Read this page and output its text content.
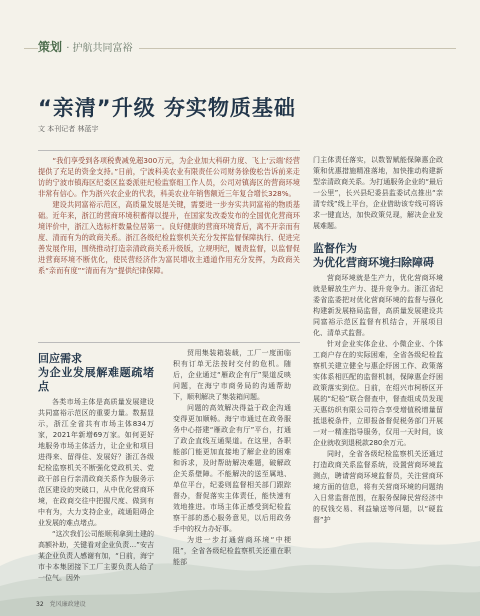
策划 · 护航共同富裕
“亲清”升级 夯实物质基础
文 本刊记者 林蓝宇

“我们享受到各项税费减免超300万元，为企业加大科研力度、飞上‘云端’经营提供了充足的资金支持。”日前，宁波科美农业有限责任公司财务徐俊松告诉前来走访的宁波市镇海区纪委区监委派驻纪检监察组工作人员，公司对镇海区的营商环境非常有信心。作为浙兴农企业的代表，科美农业年销售额近三年复合增长328%。

建设共同富裕示范区，高质量发展是关键，需要进一步夯实共同富裕的物质基础。近年来，浙江的营商环境积蓄得以提升，在国家发改委发布的全国优化营商环境评价中，浙江入选标杆数量位居第一。良好健康的营商环境背后，离不开亲而有度、清而有为的政商关系。浙江各级纪检监察机关充分发挥监督保障执行、促进完善发展作用，围绕推动打造亲清政商关系升级版，立规明纪，履责监督，以监督促进营商环境不断优化，使民营经济作为富民增收主通道作用充分发挥，为政商关系“亲而有度”“清而有为”提供纪律保障。

回应需求
为企业发展解难题疏堵点

各类市场主体是高质量发展建设共同富裕示范区的重要力量。数据显示，浙江全省共有市场主体834万家，2021年新增69万家。如何更好地服务市场主体活力，让企业和项目进得来、留得住、发展好？浙江各级纪检监察机关不断强化党政机关、党政干部自行亲清政商关系作为服务示范区建设的突破口，从中优化营商环境，在政商交往中把握尺度、做到有中有为，大力支持企业，疏通阻碍企业发展的难点堵点。

“这次我们公司能顺利拿到土建的高额补助，关键看对企业负责…”安吉某企业负责人感谢有加，“日前，海宁市卡本集团接下工厂主要负责人给了一位气。因外

贸用集装箱装载，工厂一度面临积有订单无法按时交付的危机。随后，企业通过“雁政企有厅”渠道反映问题，在海宁市商务局的沟通帮助下，顺利解决了集装箱问题。

问题的高效解决得益于政企沟通变得更加顺畅。海宁市通过在政务服务中心搭建“雁政企有厅”平台，打通了政企直线互通渠道。在这里，各职能部门能更加直接地了解企业的困难和诉求，及时帮助解决难题，破解政企关系壁障。不能解决的送至属地、单位平台，纪委则监督相关部门跟踪督办，督促落实主体责任，能快速有效地推进。市场主体正感受到纪检监察干部的悉心服务意见，以后用政务手中的权力办好事。

为进一步打通营商环境“中梗阻”，全省各级纪检监察机关还重在职能部

门主体责任落实，以数智赋能保障惠企政策和优惠措施精准落地，加快推动构建新型亲清政商关系。为打通服务企业的“最后一公里”，长兴县纪委县监委试点推出“亲清专线”线上平台，企业借助该专线可将诉求一键直达，加快政策兑现，解决企业发展难题。

监督作为
为优化营商环境扫除障碍

营商环境就是生产力，优化营商环境就是解放生产力、提升竞争力。浙江省纪委省监委把对优化营商环境的监督与强化构建新发展格局监督，高质量发展建设共同富裕示范区监督有机结合，开展项目化、清单式监督。

针对企业实体企业、小微企业、个体工商户存在的实际困难，全省各级纪检监察机关建立健全与惠企纾困工作、政策落实体系相匹配的监督机制，保障惠企纾困政策落实到位。日前，在绍兴市柯桥区开展的“纪检”联合督查中，督查组成员发现天惠纺织有限公司符合享受增值税增量留抵退税条件，立即报备督促税务部门开展一对一精准指导服务，仅用一天时间，该企业就收到退税款280余万元。

同时，全省各级纪检监察机关还通过打造政商关系监督系统，设置营商环境监测点，聘请营商环境监督员，关注营商环境方面的信息，将有关营商环境的问题纳入日常监督范围，在服务保障民营经济中的权钱交易、利益输送等问题，以“硬监督”护

32 党风廉政建设
